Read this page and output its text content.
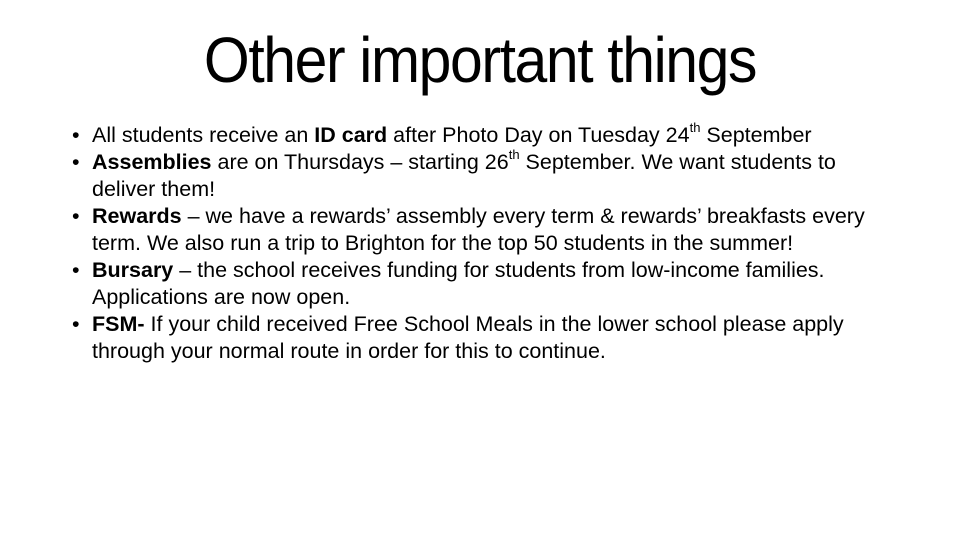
Other important things
• All students receive an ID card after Photo Day on Tuesday 24th September
• Assemblies are on Thursdays – starting 26th September. We want students to deliver them!
• Rewards – we have a rewards’ assembly every term & rewards’ breakfasts every term. We also run a trip to Brighton for the top 50 students in the summer!
• Bursary – the school receives funding for students from low-income families. Applications are now open.
• FSM- If your child received Free School Meals in the lower school please apply through your normal route in order for this to continue.
